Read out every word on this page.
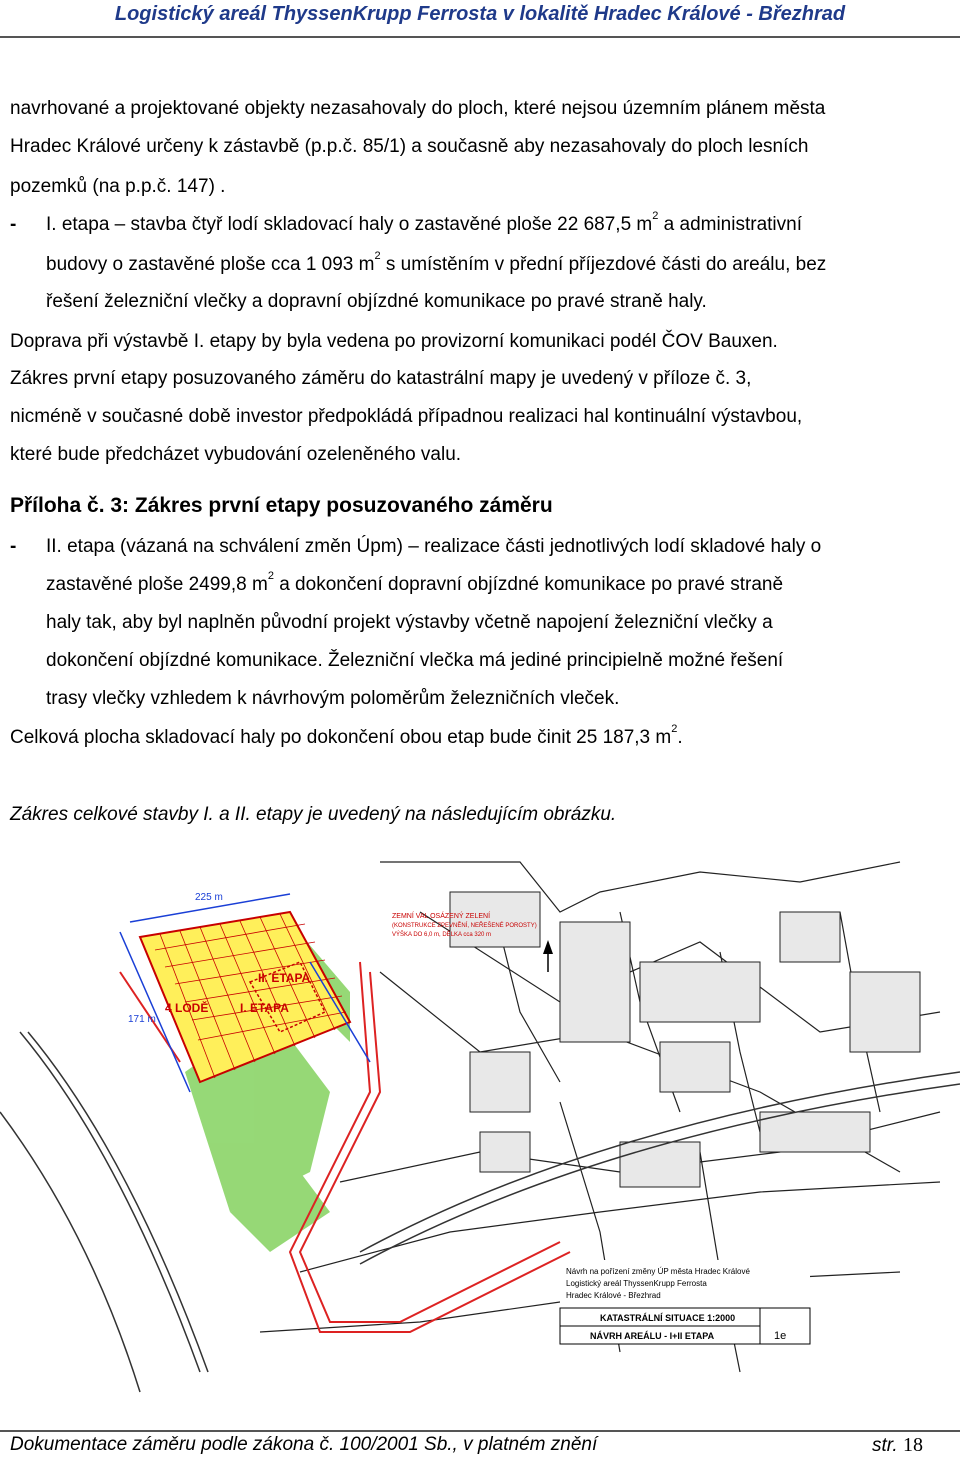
Logistický areál ThyssenKrupp Ferrosta v lokalitě Hradec Králové - Březhrad
navrhované a projektované objekty nezasahovaly do ploch, které nejsou územním plánem města
Hradec Králové určeny k zástavbě (p.p.č. 85/1) a současně aby nezasahovaly do ploch lesních
pozemků (na p.p.č. 147) .
- I. etapa – stavba čtyř lodí skladovací haly o zastavěné ploše 22 687,5 $m^2$ a administrativní
budovy o zastavěné ploše cca 1 093 $m^2$ s umístěním v přední příjezdové části do areálu, bez
řešení železniční vlečky a dopravní objízdné komunikace po pravé straně haly.
Doprava při výstavbě I. etapy by byla vedena po provizorní komunikaci podél ČOV Bauxen.
Zákres první etapy posuzovaného záměru do katastrální mapy je uvedený v příloze č. 3,
nicméně v současné době investor předpokládá případnou realizaci hal kontinuální výstavbou,
které bude předcházet vybudování ozeleněného valu.
Příloha č. 3: Zákres první etapy posuzovaného záměru
- II. etapa (vázaná na schválení změn Úpm) – realizace části jednotlivých lodí skladové haly o
zastavěné ploše 2499,8 $m^2$ a dokončení dopravní objízdné komunikace po pravé straně
haly tak, aby byl naplněn původní projekt výstavby včetně napojení železniční vlečky a
dokončení objízdné komunikace. Železniční vlečka má jediné principielně možné řešení
trasy vlečky vzhledem k návrhovým poloměrům železničních vleček.
Celková plocha skladovací haly po dokončení obou etap bude činit 25 187,3 $m^2$.
Zákres celkové stavby I. a II. etapy je uvedený na následujícím obrázku.
225 m
171 m
4 LODĚ
II. ETAPA
I. ETAPA
ZEMNÍ VAL OSÁZENÝ ZELENÍ
(KONSTRUKCE ZPEVNĚNÍ, NEŘEŠENÉ POROSTY)
VÝŠKA DO 6,0 m, DÉLKA cca 320 m
Návrh na pořízení změny ÚP města Hradec Králové
Logistický areál ThyssenKrupp Ferrosta
Hradec Králové - Březhrad
KATASTRÁLNÍ SITUACE 1:2000
NÁVRH AREÁLU - I+II ETAPA	1e
Dokumentace záměru podle zákona č. 100/2001 Sb., v platném znění	str. 18
